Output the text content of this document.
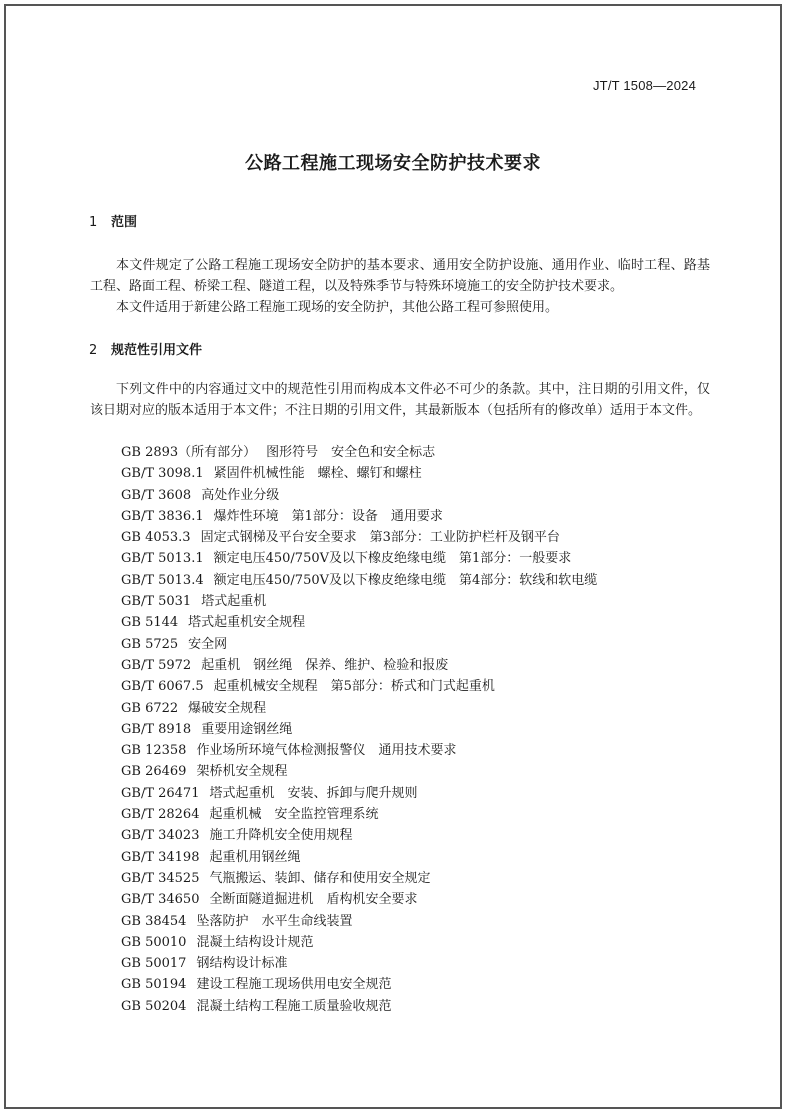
JT/T 1508—2024
公路工程施工现场安全防护技术要求
1 范围
本文件规定了公路工程施工现场安全防护的基本要求、通用安全防护设施、通用作业、临时工程、路基工程、路面工程、桥梁工程、隧道工程，以及特殊季节与特殊环境施工的安全防护技术要求。
本文件适用于新建公路工程施工现场的安全防护，其他公路工程可参照使用。
2 规范性引用文件
下列文件中的内容通过文中的规范性引用而构成本文件必不可少的条款。其中，注日期的引用文件，仅该日期对应的版本适用于本文件；不注日期的引用文件，其最新版本（包括所有的修改单）适用于本文件。
GB 2893（所有部分） 图形符号　安全色和安全标志
GB/T 3098.1 紧固件机械性能　螺栓、螺钉和螺柱
GB/T 3608 高处作业分级
GB/T 3836.1 爆炸性环境　第1部分：设备　通用要求
GB 4053.3 固定式钢梯及平台安全要求　第3部分：工业防护栏杆及钢平台
GB/T 5013.1 额定电压450/750V及以下橡皮绝缘电缆　第1部分：一般要求
GB/T 5013.4 额定电压450/750V及以下橡皮绝缘电缆　第4部分：软线和软电缆
GB/T 5031 塔式起重机
GB 5144 塔式起重机安全规程
GB 5725 安全网
GB/T 5972 起重机　钢丝绳　保养、维护、检验和报废
GB/T 6067.5 起重机械安全规程　第5部分：桥式和门式起重机
GB 6722 爆破安全规程
GB/T 8918 重要用途钢丝绳
GB 12358 作业场所环境气体检测报警仪　通用技术要求
GB 26469 架桥机安全规程
GB/T 26471 塔式起重机　安装、拆卸与爬升规则
GB/T 28264 起重机械　安全监控管理系统
GB/T 34023 施工升降机安全使用规程
GB/T 34198 起重机用钢丝绳
GB/T 34525 气瓶搬运、装卸、储存和使用安全规定
GB/T 34650 全断面隧道掘进机　盾构机安全要求
GB 38454 坠落防护　水平生命线装置
GB 50010 混凝土结构设计规范
GB 50017 钢结构设计标准
GB 50194 建设工程施工现场供用电安全规范
GB 50204 混凝土结构工程施工质量验收规范
